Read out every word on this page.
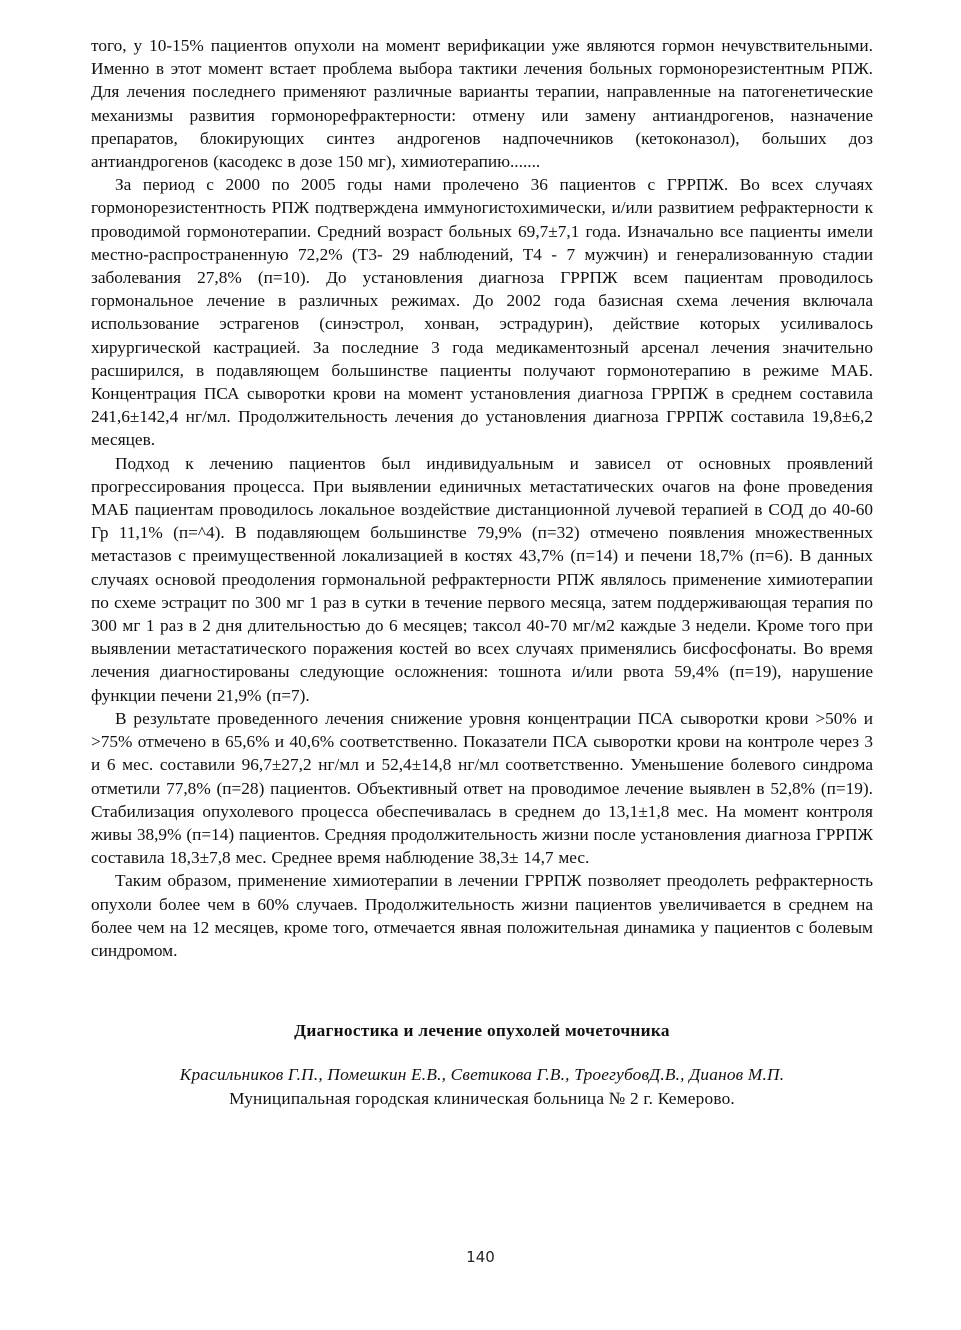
того, у 10-15% пациентов опухоли на момент верификации уже являются гормон нечувствительными. Именно в этот момент встает проблема выбора тактики лечения больных гормонорезистентным РПЖ. Для лечения последнего применяют различные варианты терапии, направленные на патогенетические механизмы развития гормонорефрактерности: отмену или замену антиандрогенов, назначение препаратов, блокирующих синтез андрогенов надпочечников (кетоконазол), больших доз антиандрогенов (касодекс в дозе 150 мг), химиотерапию.......

За период с 2000 по 2005 годы нами пролечено 36 пациентов с ГРРПЖ. Во всех случаях гормонорезистентность РПЖ подтверждена иммуногистохимически, и/или развитием рефрактерности к проводимой гормонотерапии. Средний возраст больных 69,7±7,1 года. Изначально все пациенты имели местно-распространенную 72,2% (Т3- 29 наблюдений, Т4 - 7 мужчин) и генерализованную стадии заболевания 27,8% (п=10). До установления диагноза ГРРПЖ всем пациентам проводилось гормональное лечение в различных режимах. До 2002 года базисная схема лечения включала использование эстрагенов (синэстрол, хонван, эстрадурин), действие которых усиливалось хирургической кастрацией. За последние 3 года медикаментозный арсенал лечения значительно расширился, в подавляющем большинстве пациенты получают гормонотерапию в режиме МАБ. Концентрация ПСА сыворотки крови на момент установления диагноза ГРРПЖ в среднем составила 241,6±142,4 нг/мл. Продолжительность лечения до установления диагноза ГРРПЖ составила 19,8±6,2 месяцев.

Подход к лечению пациентов был индивидуальным и зависел от основных проявлений прогрессирования процесса. При выявлении единичных метастатических очагов на фоне проведения МАБ пациентам проводилось локальное воздействие дистанционной лучевой терапией в СОД до 40-60 Гр 11,1% (п=^4). В подавляющем большинстве 79,9% (п=32) отмечено появления множественных метастазов с преимущественной локализацией в костях 43,7% (п=14) и печени 18,7% (п=6). В данных случаях основой преодоления гормональной рефрактерности РПЖ являлось применение химиотерапии по схеме эстрацит по 300 мг 1 раз в сутки в течение первого месяца, затем поддерживающая терапия по 300 мг 1 раз в 2 дня длительностью до 6 месяцев; таксол 40-70 мг/м2 каждые 3 недели. Кроме того при выявлении метастатического поражения костей во всех случаях применялись бисфосфонаты. Во время лечения диагностированы следующие осложнения: тошнота и/или рвота 59,4% (п=19), нарушение функции печени 21,9% (п=7).

В результате проведенного лечения снижение уровня концентрации ПСА сыворотки крови >50% и >75% отмечено в 65,6% и 40,6% соответственно. Показатели ПСА сыворотки крови на контроле через 3 и 6 мес. составили 96,7±27,2 нг/мл и 52,4±14,8 нг/мл соответственно. Уменьшение болевого синдрома отметили 77,8% (п=28) пациентов. Объективный ответ на проводимое лечение выявлен в 52,8% (п=19). Стабилизация опухолевого процесса обеспечивалась в среднем до 13,1±1,8 мес. На момент контроля живы 38,9% (п=14) пациентов. Средняя продолжительность жизни после установления диагноза ГРРПЖ составила 18,3±7,8 мес. Среднее время наблюдение 38,3± 14,7 мес.

Таким образом, применение химиотерапии в лечении ГРРПЖ позволяет преодолеть рефрактерность опухоли более чем в 60% случаев. Продолжительность жизни пациентов увеличивается в среднем на более чем на 12 месяцев, кроме того, отмечается явная положительная динамика у пациентов с болевым синдромом.

Диагностика и лечение опухолей мочеточника

Красильников Г.П., Помешкин Е.В., Светикова Г.В., ТроегубовД.В., Дианов М.П.

Муниципальная городская клиническая больница № 2 г. Кемерово.

140
